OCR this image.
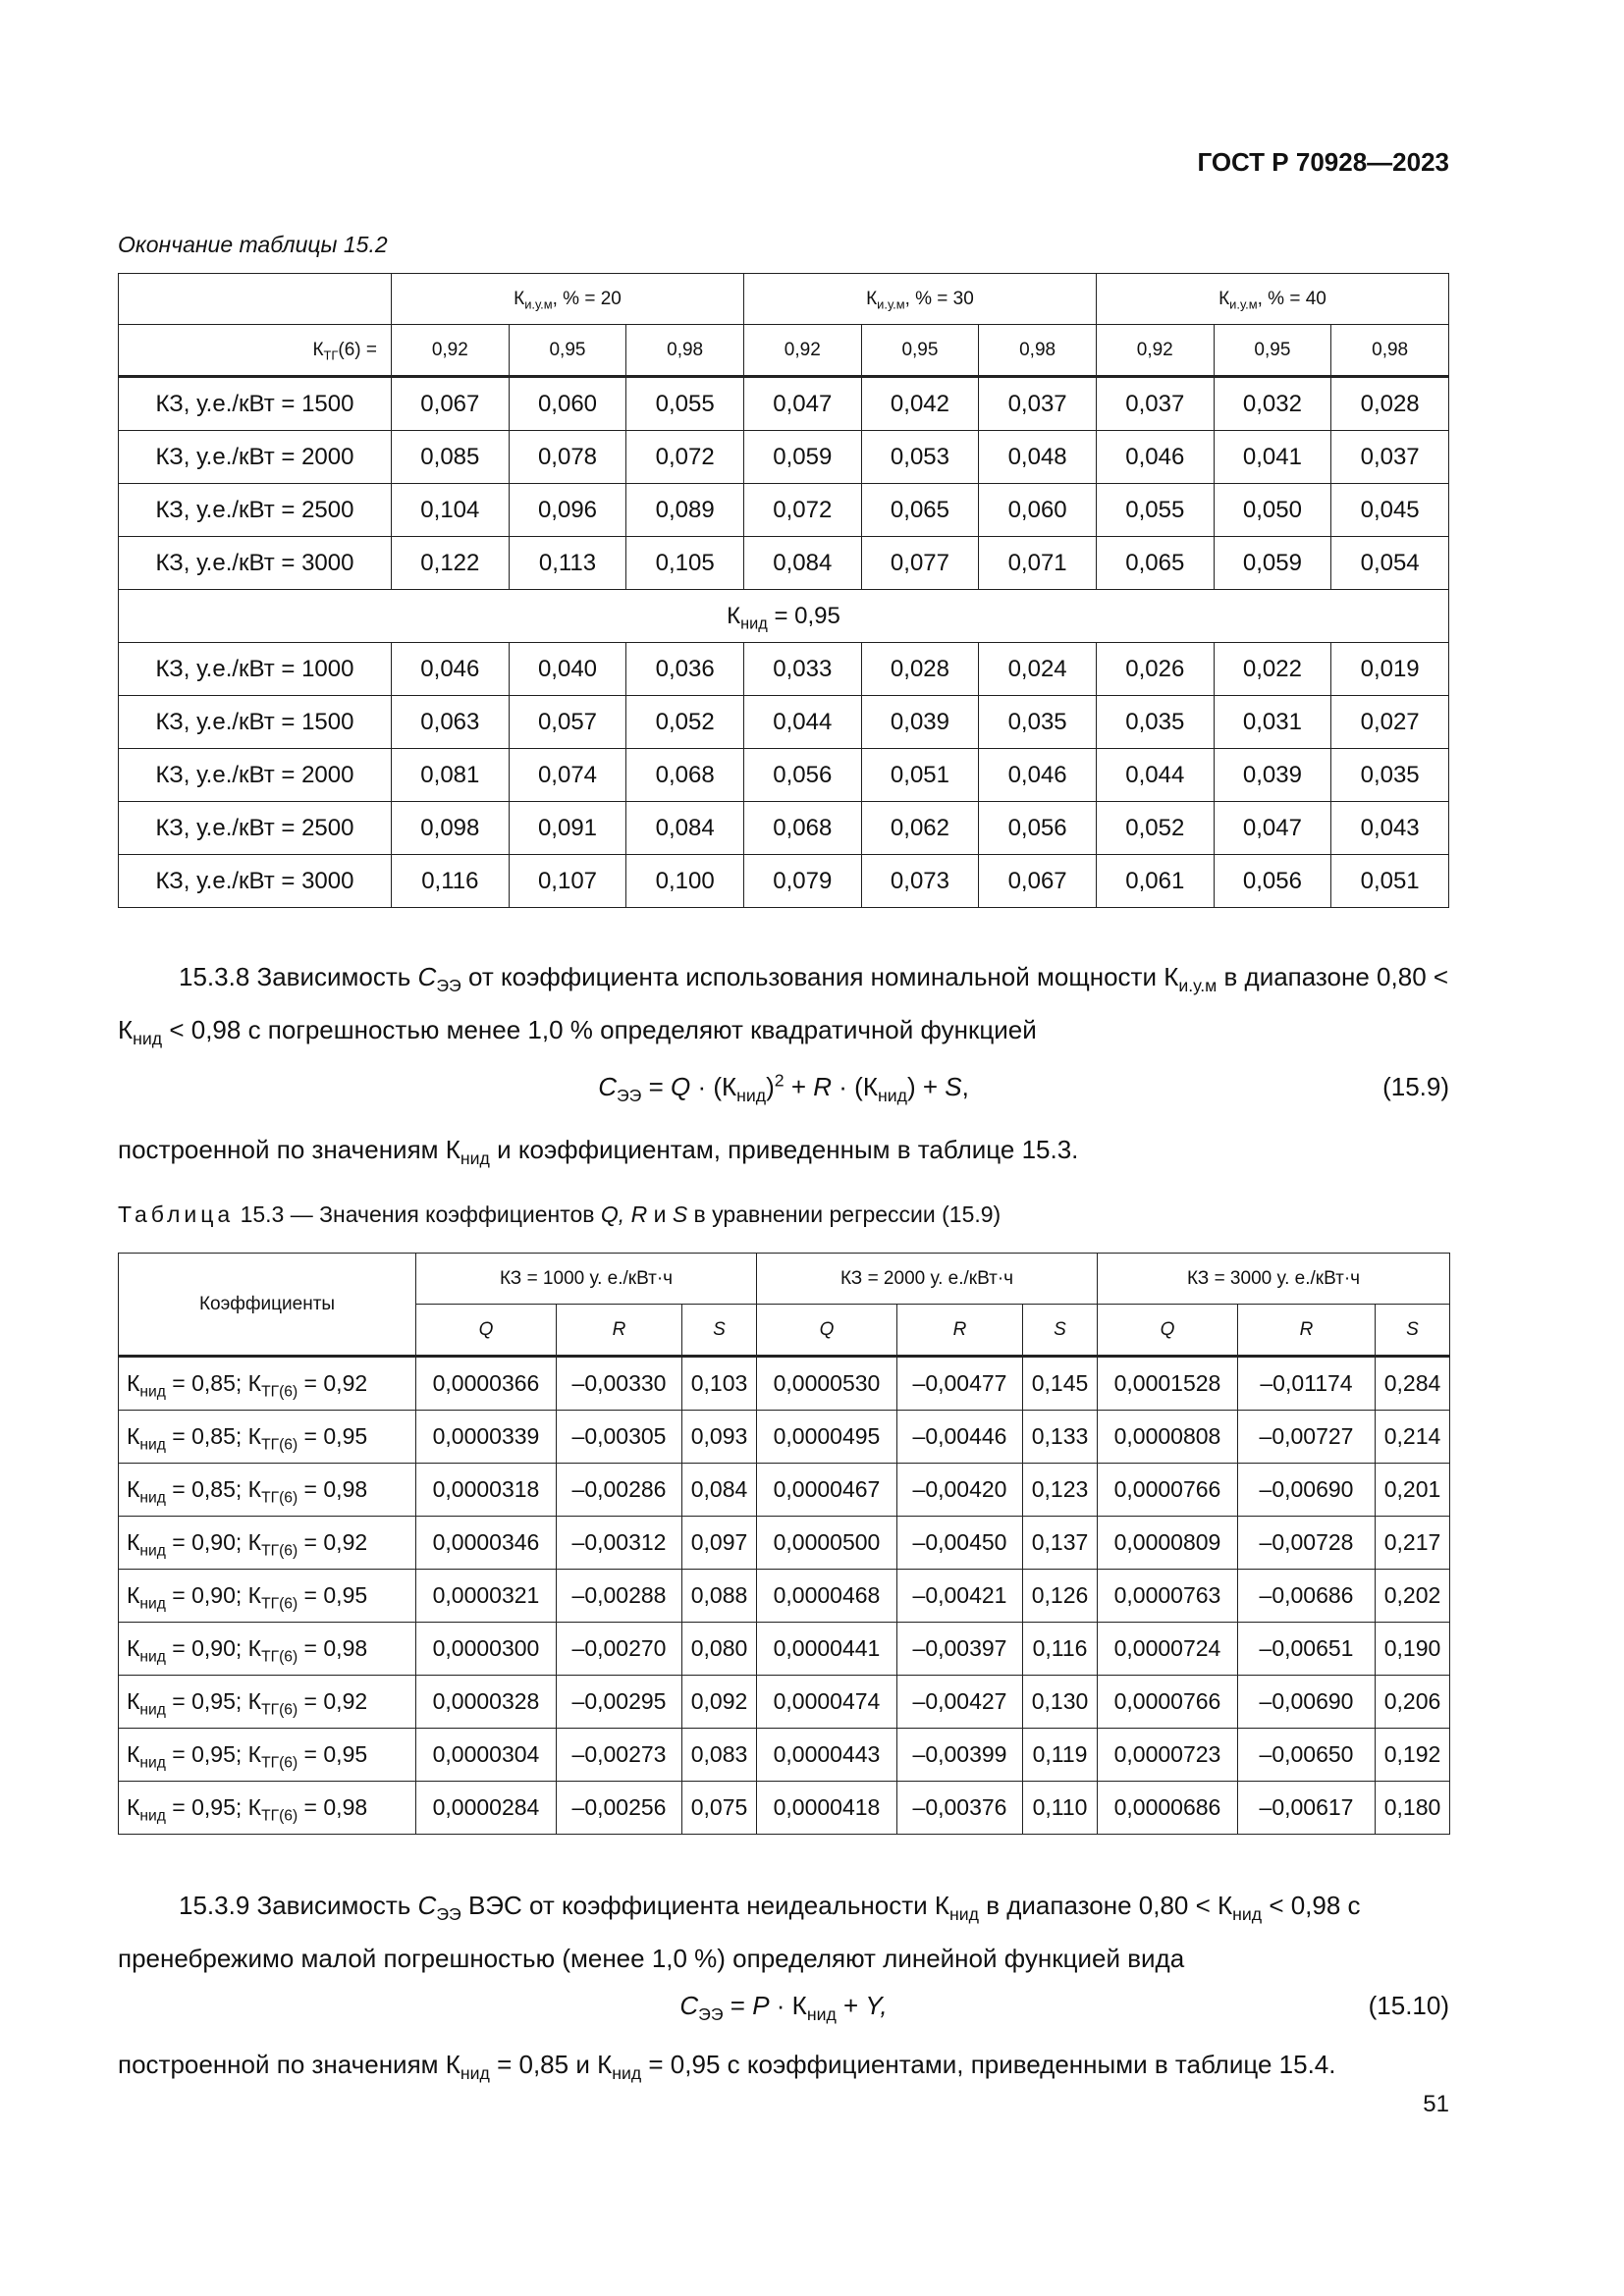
ГОСТ Р 70928—2023
Окончание таблицы 15.2
	$К_{и.у.м}$, % = 20			$К_{и.у.м}$, % = 30			$К_{и.у.м}$, % = 40		
$К_{ТГ}(6)$ =	0,92	0,95	0,98	0,92	0,95	0,98	0,92	0,95	0,98
КЗ, у.е./кВт = 1500	0,067	0,060	0,055	0,047	0,042	0,037	0,037	0,032	0,028
КЗ, у.е./кВт = 2000	0,085	0,078	0,072	0,059	0,053	0,048	0,046	0,041	0,037
КЗ, у.е./кВт = 2500	0,104	0,096	0,089	0,072	0,065	0,060	0,055	0,050	0,045
КЗ, у.е./кВт = 3000	0,122	0,113	0,105	0,084	0,077	0,071	0,065	0,059	0,054
$К_{нид} = 0,95$									
КЗ, у.е./кВт = 1000	0,046	0,040	0,036	0,033	0,028	0,024	0,026	0,022	0,019
КЗ, у.е./кВт = 1500	0,063	0,057	0,052	0,044	0,039	0,035	0,035	0,031	0,027
КЗ, у.е./кВт = 2000	0,081	0,074	0,068	0,056	0,051	0,046	0,044	0,039	0,035
КЗ, у.е./кВт = 2500	0,098	0,091	0,084	0,068	0,062	0,056	0,052	0,047	0,043
КЗ, у.е./кВт = 3000	0,116	0,107	0,100	0,079	0,073	0,067	0,061	0,056	0,051
15.3.8 Зависимость $С_{ЭЭ}$ от коэффициента использования номинальной мощности $К_{и.у.м}$ в диапазоне $0,80 < К_{нид} < 0,98$ с погрешностью менее 1,0 % определяют квадратичной функцией
$С_{ЭЭ} = Q \cdot (К_{нид})^2 + R \cdot (К_{нид}) + S$,	(15.9)
построенной по значениям $К_{нид}$ и коэффициентам, приведенным в таблице 15.3.
Таблица 15.3 — Значения коэффициентов Q, R и S в уравнении регрессии (15.9)
Коэффициенты	КЗ = 1000 у. е./кВт·ч			КЗ = 2000 у. е./кВт·ч			КЗ = 3000 у. е./кВт·ч		
	Q	R	S	Q	R	S	Q	R	S
$К_{нид} = 0,85$; $К_{ТГ(6)} = 0,92$	0,0000366	–0,00330	0,103	0,0000530	–0,00477	0,145	0,0001528	–0,01174	0,284
$К_{нид} = 0,85$; $К_{ТГ(6)} = 0,95$	0,0000339	–0,00305	0,093	0,0000495	–0,00446	0,133	0,0000808	–0,00727	0,214
$К_{нид} = 0,85$; $К_{ТГ(6)} = 0,98$	0,0000318	–0,00286	0,084	0,0000467	–0,00420	0,123	0,0000766	–0,00690	0,201
$К_{нид} = 0,90$; $К_{ТГ(6)} = 0,92$	0,0000346	–0,00312	0,097	0,0000500	–0,00450	0,137	0,0000809	–0,00728	0,217
$К_{нид} = 0,90$; $К_{ТГ(6)} = 0,95$	0,0000321	–0,00288	0,088	0,0000468	–0,00421	0,126	0,0000763	–0,00686	0,202
$К_{нид} = 0,90$; $К_{ТГ(6)} = 0,98$	0,0000300	–0,00270	0,080	0,0000441	–0,00397	0,116	0,0000724	–0,00651	0,190
$К_{нид} = 0,95$; $К_{ТГ(6)} = 0,92$	0,0000328	–0,00295	0,092	0,0000474	–0,00427	0,130	0,0000766	–0,00690	0,206
$К_{нид} = 0,95$; $К_{ТГ(6)} = 0,95$	0,0000304	–0,00273	0,083	0,0000443	–0,00399	0,119	0,0000723	–0,00650	0,192
$К_{нид} = 0,95$; $К_{ТГ(6)} = 0,98$	0,0000284	–0,00256	0,075	0,0000418	–0,00376	0,110	0,0000686	–0,00617	0,180
15.3.9 Зависимость $С_{ЭЭ}$ ВЭС от коэффициента неидеальности $К_{нид}$ в диапазоне $0,80 < К_{нид} < 0,98$ с пренебрежимо малой погрешностью (менее 1,0 %) определяют линейной функцией вида
$С_{ЭЭ} = P \cdot К_{нид} + Y$,	(15.10)
построенной по значениям $К_{нид} = 0,85$ и $К_{нид} = 0,95$ с коэффициентами, приведенными в таблице 15.4.
51
